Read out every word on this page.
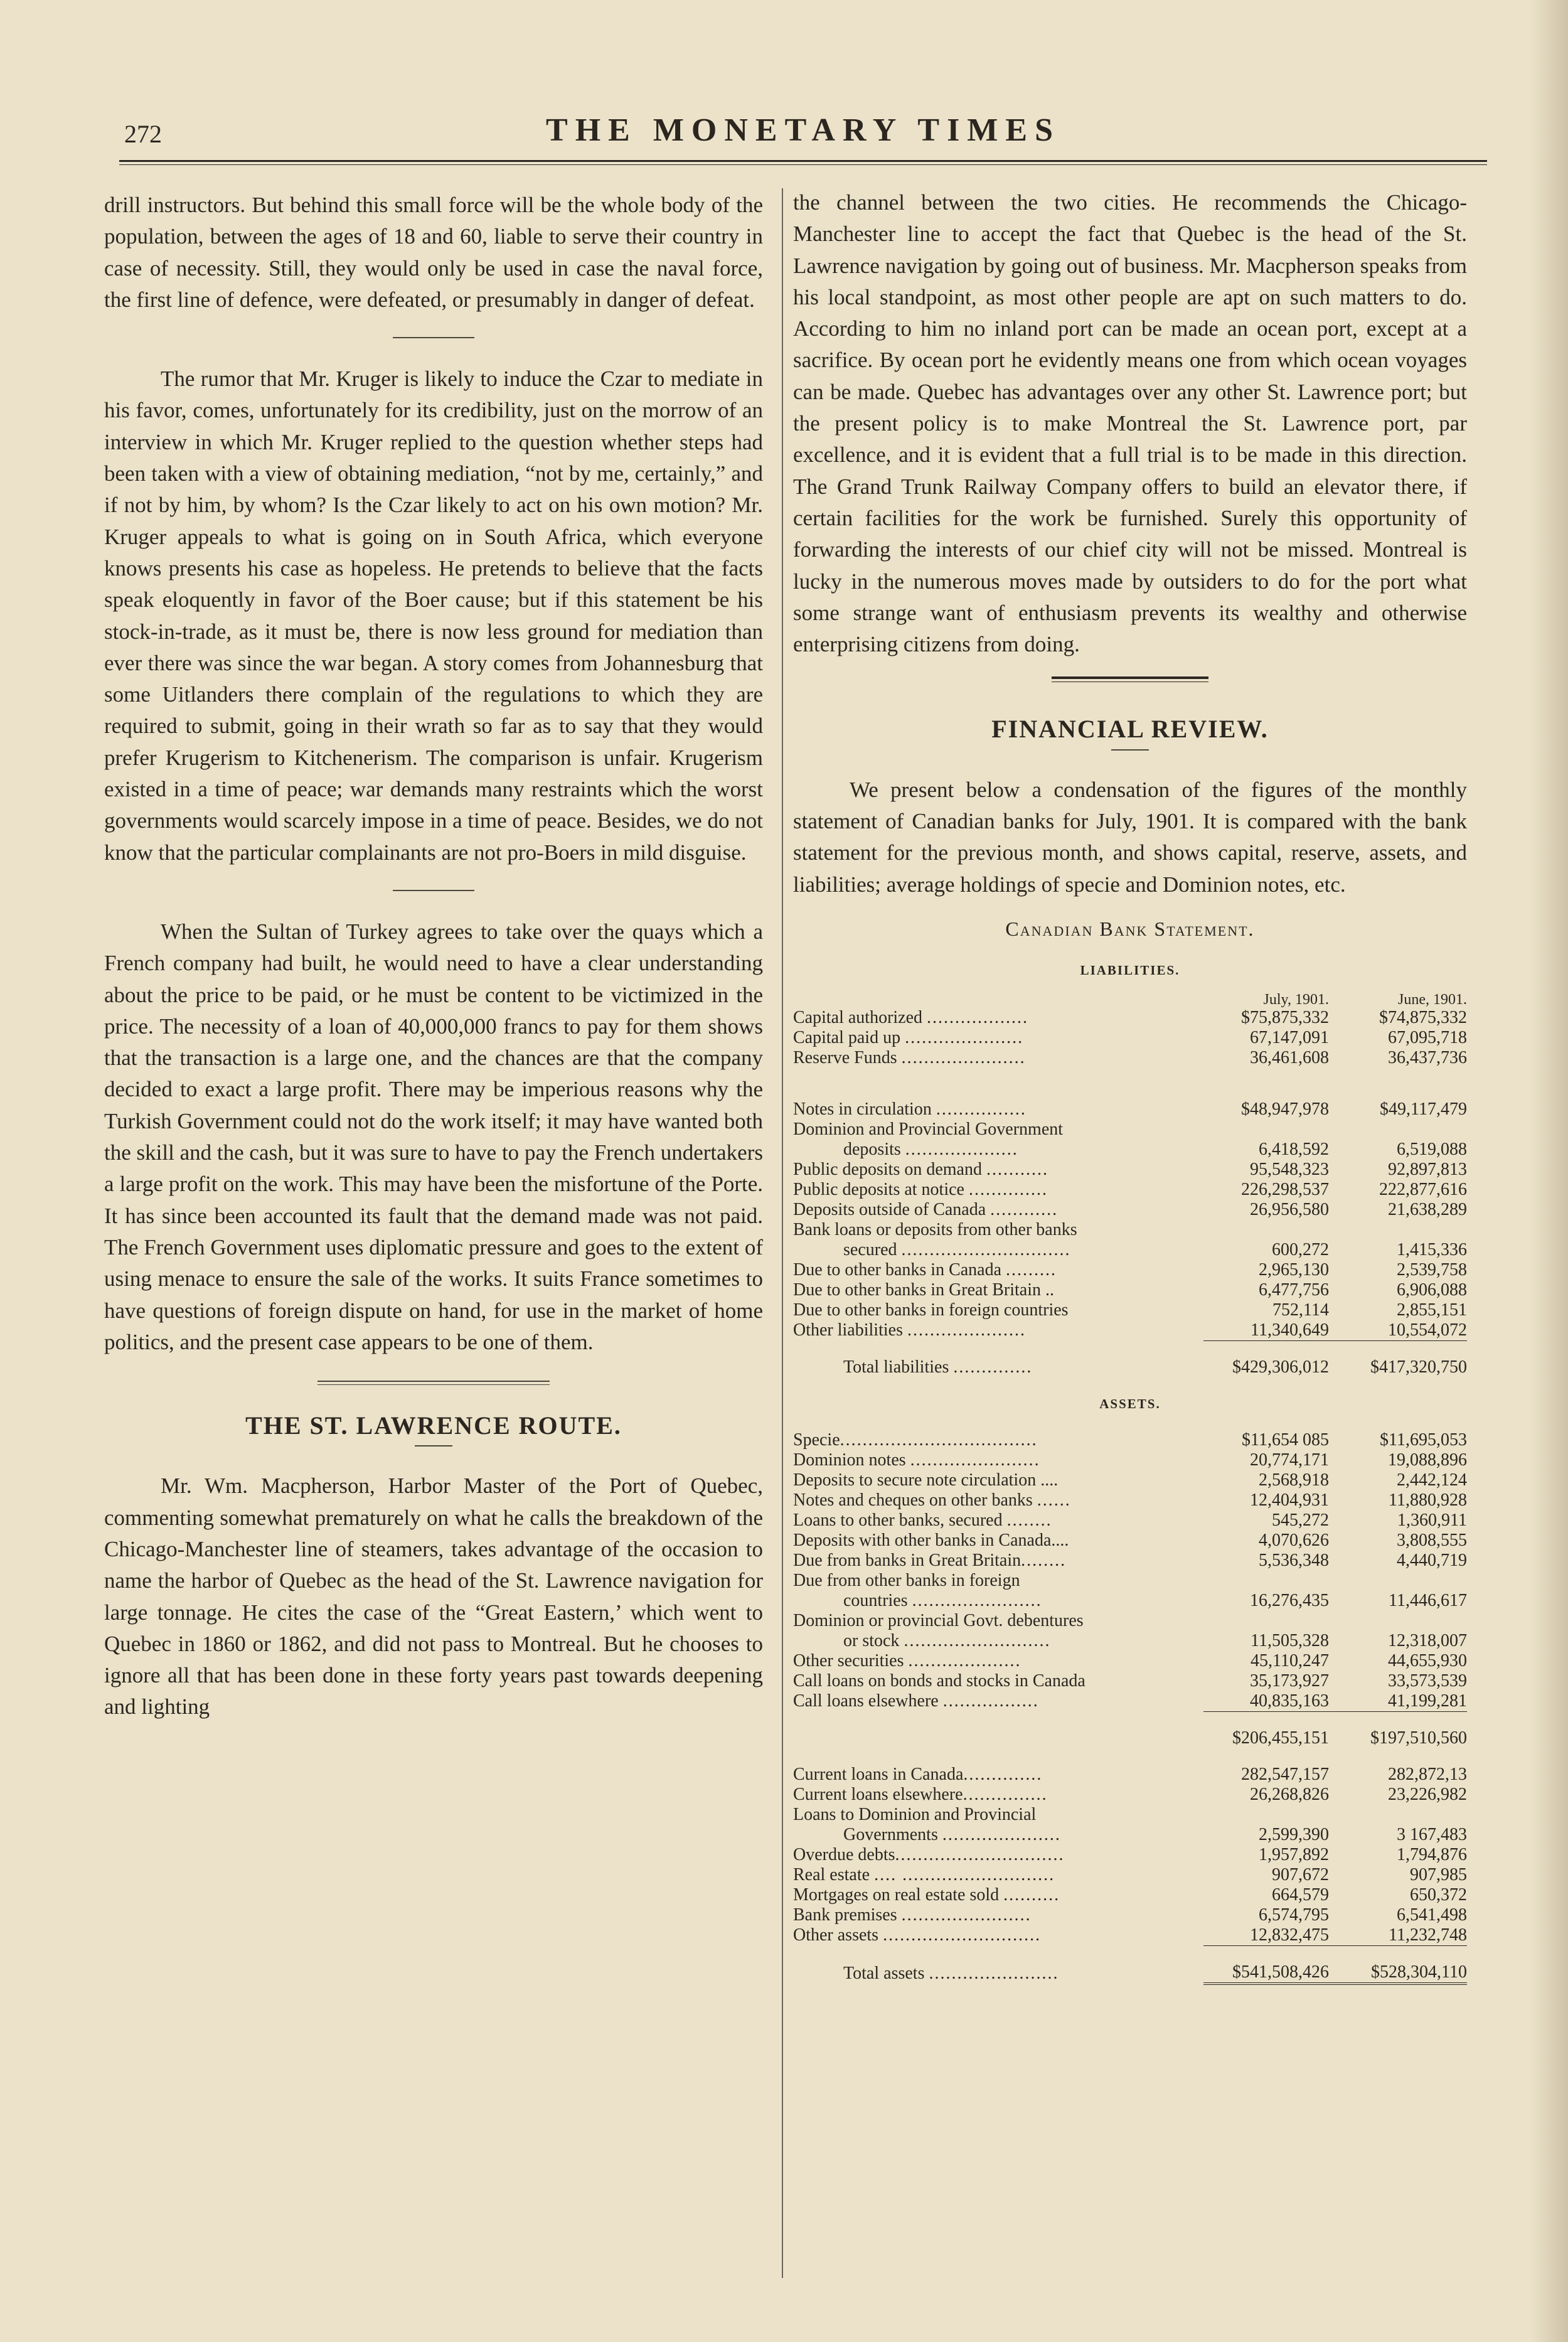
272	THE MONETARY TIMES

drill instructors. But behind this small force will be the whole body of the population, between the ages of 18 and 60, liable to serve their country in case of necessity. Still, they would only be used in case the naval force, the first line of defence, were defeated, or presumably in danger of defeat.

The rumor that Mr. Kruger is likely to induce the Czar to mediate in his favor, comes, unfortunately for its credibility, just on the morrow of an interview in which Mr. Kruger replied to the question whether steps had been taken with a view of obtaining mediation, “not by me, certainly,” and if not by him, by whom? Is the Czar likely to act on his own motion? Mr. Kruger appeals to what is going on in South Africa, which everyone knows presents his case as hopeless. He pretends to believe that the facts speak eloquently in favor of the Boer cause; but if this statement be his stock-in-trade, as it must be, there is now less ground for mediation than ever there was since the war began. A story comes from Johannesburg that some Uitlanders there complain of the regulations to which they are required to submit, going in their wrath so far as to say that they would prefer Krugerism to Kitchenerism. The comparison is unfair. Krugerism existed in a time of peace; war demands many restraints which the worst governments would scarcely impose in a time of peace. Besides, we do not know that the particular complainants are not pro-Boers in mild disguise.

When the Sultan of Turkey agrees to take over the quays which a French company had built, he would need to have a clear understanding about the price to be paid, or he must be content to be victimized in the price. The necessity of a loan of 40,000,000 francs to pay for them shows that the transaction is a large one, and the chances are that the company decided to exact a large profit. There may be imperious reasons why the Turkish Government could not do the work itself; it may have wanted both the skill and the cash, but it was sure to have to pay the French undertakers a large profit on the work. This may have been the misfortune of the Porte. It has since been accounted its fault that the demand made was not paid. The French Government uses diplomatic pressure and goes to the extent of using menace to ensure the sale of the works. It suits France sometimes to have questions of foreign dispute on hand, for use in the market of home politics, and the present case appears to be one of them.

THE ST. LAWRENCE ROUTE.

Mr. Wm. Macpherson, Harbor Master of the Port of Quebec, commenting somewhat prematurely on what he calls the breakdown of the Chicago-Manchester line of steamers, takes advantage of the occasion to name the harbor of Quebec as the head of the St. Lawrence navigation for large tonnage. He cites the case of the “Great Eastern,’ which went to Quebec in 1860 or 1862, and did not pass to Montreal. But he chooses to ignore all that has been done in these forty years past towards deepening and lighting

the channel between the two cities. He recommends the Chicago-Manchester line to accept the fact that Quebec is the head of the St. Lawrence navigation by going out of business. Mr. Macpherson speaks from his local standpoint, as most other people are apt on such matters to do. According to him no inland port can be made an ocean port, except at a sacrifice. By ocean port he evidently means one from which ocean voyages can be made. Quebec has advantages over any other St. Lawrence port; but the present policy is to make Montreal the St. Lawrence port, par excellence, and it is evident that a full trial is to be made in this direction. The Grand Trunk Railway Company offers to build an elevator there, if certain facilities for the work be furnished. Surely this opportunity of forwarding the interests of our chief city will not be missed. Montreal is lucky in the numerous moves made by outsiders to do for the port what some strange want of enthusiasm prevents its wealthy and otherwise enterprising citizens from doing.

FINANCIAL REVIEW.

We present below a condensation of the figures of the monthly statement of Canadian banks for July, 1901. It is compared with the bank statement for the previous month, and shows capital, reserve, assets, and liabilities; average holdings of specie and Dominion notes, etc.

Canadian Bank Statement.
LIABILITIES.
	July, 1901.	June, 1901.
Capital authorized ..................	$75,875,332	$74,875,332
Capital paid up .....................	67,147,091	67,095,718
Reserve Funds ......................	36,461,608	36,437,736

Notes in circulation ................	$48,947,978	$49,117,479
Dominion and Provincial Government		
deposits ....................	6,418,592	6,519,088
Public deposits on demand ...........	95,548,323	92,897,813
Public deposits at notice ..............	226,298,537	222,877,616
Deposits outside of Canada ............	26,956,580	21,638,289
Bank loans or deposits from other banks		
secured ..............................	600,272	1,415,336
Due to other banks in Canada .........	2,965,130	2,539,758
Due to other banks in Great Britain ..	6,477,756	6,906,088
Due to other banks in foreign countries	752,114	2,855,151
Other liabilities .....................	11,340,649	10,554,072
Total liabilities ..............	$429,306,012	$417,320,750

ASSETS.		

Specie...................................	$11,654 085	$11,695,053
Dominion notes .......................	20,774,171	19,088,896
Deposits to secure note circulation ....	2,568,918	2,442,124
Notes and cheques on other banks ......	12,404,931	11,880,928
Loans to other banks, secured ........	545,272	1,360,911
Deposits with other banks in Canada....	4,070,626	3,808,555
Due from banks in Great Britain........	5,536,348	4,440,719
Due from other banks in foreign		
countries .......................	16,276,435	11,446,617
Dominion or provincial Govt. debentures		
or stock ..........................	11,505,328	12,318,007
Other securities ....................	45,110,247	44,655,930
Call loans on bonds and stocks in Canada	35,173,927	33,573,539
Call loans elsewhere .................	40,835,163	41,199,281
	$206,455,151	$197,510,560

Current loans in Canada..............	282,547,157	282,872,13
Current loans elsewhere...............	26,268,826	23,226,982
Loans to Dominion and Provincial		
Governments .....................	2,599,390	3 167,483
Overdue debts..............................	1,957,892	1,794,876
Real estate .... ...........................	907,672	907,985
Mortgages on real estate sold ..........	664,579	650,372
Bank premises .......................	6,574,795	6,541,498
Other assets ............................	12,832,475	11,232,748
Total assets .......................	$541,508,426	$528,304,110
